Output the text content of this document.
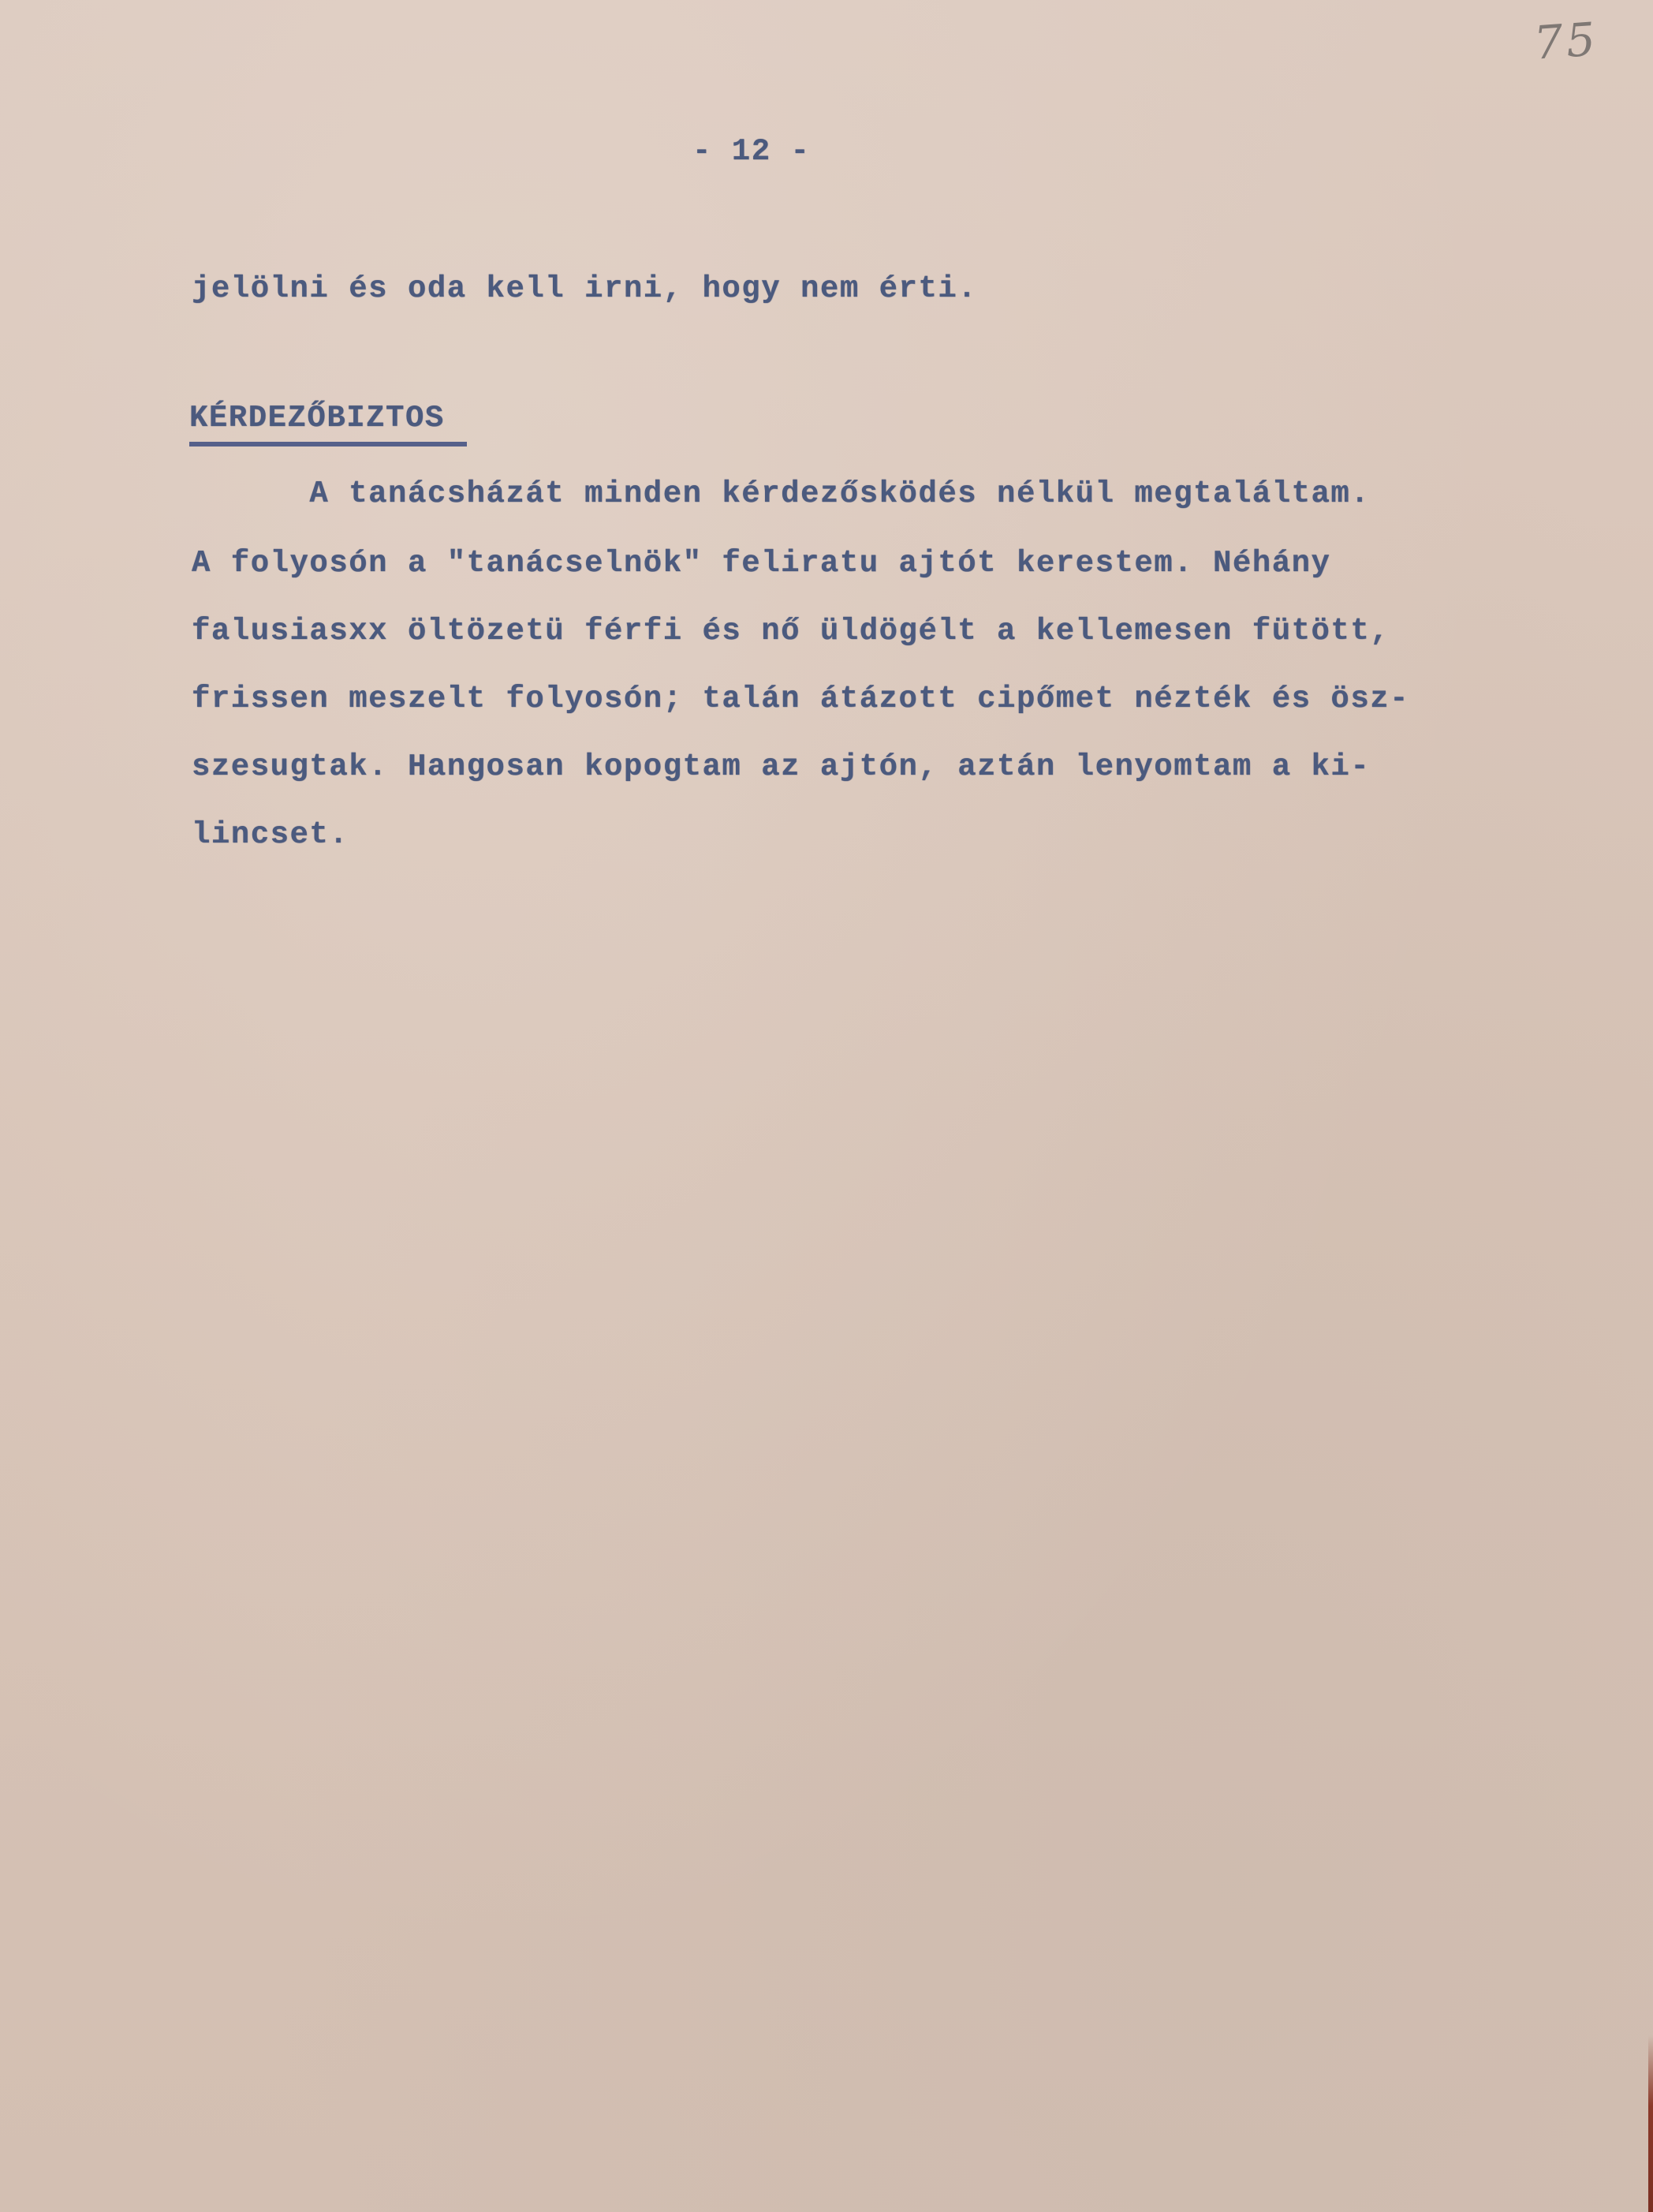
75
- 12 -
jelölni és oda kell irni, hogy nem érti.
KÉRDEZŐBIZTOS
A tanácsházát minden kérdezősködés nélkül megtaláltam.
A folyosón a "tanácselnök" feliratu ajtót kerestem. Néhány
falusiasxx öltözetü férfi és nő üldögélt a kellemesen fütött,
frissen meszelt folyosón; talán átázott cipőmet nézték és ösz-
szesugtak. Hangosan kopogtam az ajtón, aztán lenyomtam a ki-
lincset.
